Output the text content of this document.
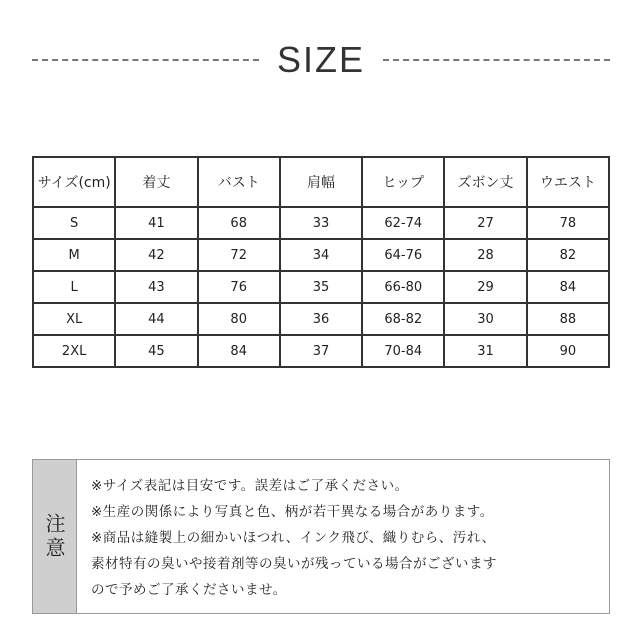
SIZE
サイズ(cm)	着丈	バスト	肩幅	ヒップ	ズボン丈	ウエスト
S	41	68	33	62-74	27	78
M	42	72	34	64-76	28	82
L	43	76	35	66-80	29	84
XL	44	80	36	68-82	30	88
2XL	45	84	37	70-84	31	90
注意

※サイズ表記は目安です。誤差はご了承ください。

※生産の関係により写真と色、柄が若干異なる場合があります。

※商品は縫製上の細かいほつれ、インク飛び、織りむら、汚れ、

素材特有の臭いや接着剤等の臭いが残っている場合がございます

ので予めご了承くださいませ。
